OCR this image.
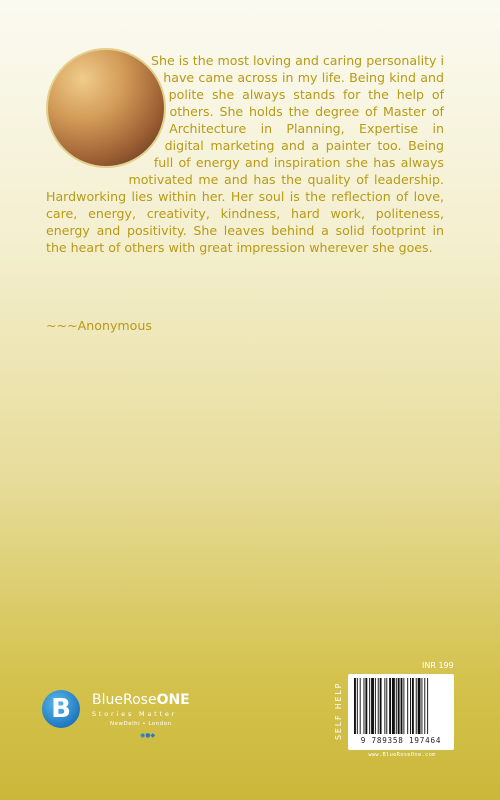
She is the most loving and caring personality i have came across in my life. Being kind and polite she always stands for the help of others. She holds the degree of Master of Architecture in Planning, Expertise in digital marketing and a painter too. Being full of energy and inspiration she has always motivated me and has the quality of leadership. Hardworking lies within her. Her soul is the reflection of love, care, energy, creativity, kindness, hard work, politeness, energy and positivity. She leaves behind a solid footprint in the heart of others with great impression wherever she goes.

~~~Anonymous

B	BlueRoseONE
Stories Matter
NewDelhi • London
◉●◆
INR 199
SELF HELP
9 789358 197464
www.BlueRoseOne.com
